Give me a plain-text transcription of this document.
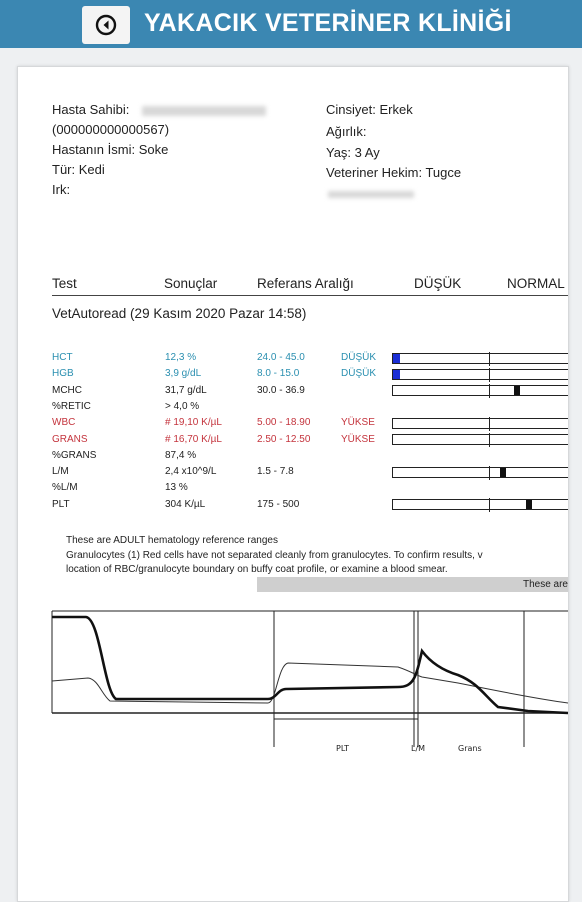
YAKACIK VETERİNER KLİNİĞİ
Hasta Sahibi:
(000000000000567)
Hastanın İsmi: Soke
Tür: Kedi
Irk:
Cinsiyet: Erkek
Ağırlık:
Yaş: 3 Ay
Veteriner Hekim: Tugce
Test	Sonuçlar	Referans Aralığı	DÜŞÜK	NORMAL
VetAutoread (29 Kasım 2020 Pazar 14:58)
HCT	12,3 %	24.0 - 45.0	DÜŞÜK
HGB	3,9 g/dL	8.0 - 15.0	DÜŞÜK
MCHC	31,7 g/dL	30.0 - 36.9
%RETIC	> 4,0 %
WBC	# 19,10 K/µL	5.00 - 18.90	YÜKSE
GRANS	# 16,70 K/µL	2.50 - 12.50	YÜKSE
%GRANS	87,4 %
L/M	2,4 x10^9/L	1.5 - 7.8
%L/M	13 %
PLT	304 K/µL	175 - 500
These are ADULT hematology reference ranges
Granulocytes (1) Red cells have not separated cleanly from granulocytes. To confirm results, v
location of RBC/granulocyte boundary on buffy coat profile, or examine a blood smear.
These are
PLT	L/M	Grans
